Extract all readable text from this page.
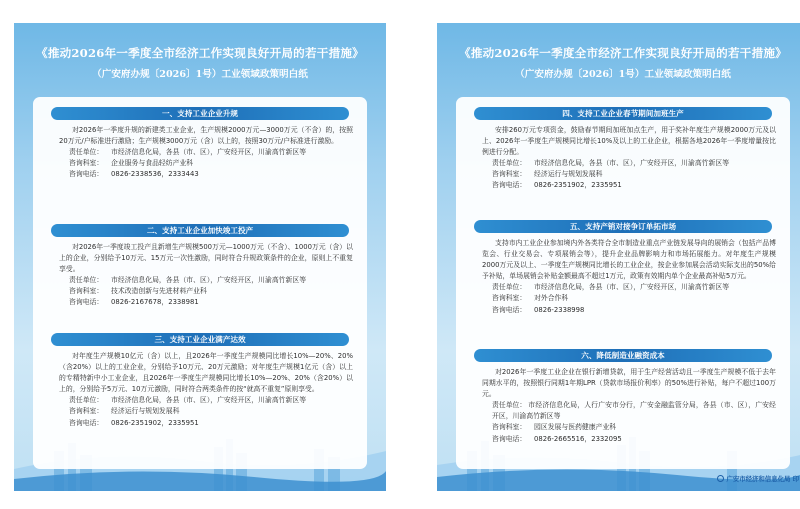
《推动2026年一季度全市经济工作实现良好开局的若干措施》
（广安府办规〔2026〕1号）工业领域政策明白纸
一、支持工业企业升规
对2026年一季度升规的新建类工业企业，生产规模2000万元—3000万元（不含）的，按照20万元/户标准进行激励；生产规模3000万元（含）以上的，按照30万元/户标准进行激励。
责任单位： 市经济信息化局，各县（市、区），广安经开区，川渝高竹新区等
咨询科室： 企业服务与食品轻纺产业科
咨询电话： 0826-2338536，2333443
二、支持工业企业加快竣工投产
对2026年一季度竣工投产且新增生产规模500万元—1000万元（不含）、1000万元（含）以上的企业，分别给予10万元、15万元一次性激励，同时符合升规政策条件的企业，原则上不重复享受。
责任单位： 市经济信息化局，各县（市、区），广安经开区，川渝高竹新区等
咨询科室： 技术改造创新与先进材料产业科
咨询电话： 0826-2167678，2338981
三、支持工业企业满产达效
对年度生产规模10亿元（含）以上，且2026年一季度生产规模同比增长10%—20%、20%（含20%）以上的工业企业，分别给予10万元、20万元激励；对年度生产规模1亿元（含）以上的专精特新中小工业企业，且2026年一季度生产规模同比增长10%—20%、20%（含20%）以上的，分别给予5万元、10万元激励，同时符合两类条件的按“就高不重复”原则享受。
责任单位： 市经济信息化局，各县（市、区），广安经开区，川渝高竹新区等
咨询科室： 经济运行与规划发展科
咨询电话： 0826-2351902，2335951
《推动2026年一季度全市经济工作实现良好开局的若干措施》
（广安府办规〔2026〕1号）工业领域政策明白纸
四、支持工业企业春节期间加班生产
安排260万元专项资金，鼓励春节期间加班加点生产，用于奖补年度生产规模2000万元及以上、2026年一季度生产规模同比增长10%及以上的工业企业，根据各地2026年一季度增量按比例进行分配。
责任单位： 市经济信息化局，各县（市、区），广安经开区，川渝高竹新区等
咨询科室： 经济运行与规划发展科
咨询电话： 0826-2351902，2335951
五、支持产销对接争订单拓市场
支持市内工业企业参加境内外各类符合全市制造业重点产业链发展导向的展销会（包括产品博览会、行业交易会、专项展销会等），提升企业品牌影响力和市场拓展能力。对年度生产规模2000万元及以上、一季度生产规模同比增长的工业企业，按企业参加展会活动实际支出的50%给予补贴，单场展销会补贴金额最高不超过1万元，政策有效期内单个企业最高补贴5万元。
责任单位： 市经济信息化局，各县（市、区），广安经开区，川渝高竹新区等
咨询科室： 对外合作科
咨询电话： 0826-2338998
六、降低制造业融资成本
对2026年一季度工业企业在银行新增贷款，用于生产经营活动且一季度生产规模不低于去年同期水平的，按照银行同期1年期LPR（贷款市场报价利率）的50%进行补贴，每户不超过100万元。
责任单位： 市经济信息化局，人行广安市分行，广安金融监管分局，各县（市、区），广安经开区，川渝高竹新区等
咨询科室： 园区发展与医药健康产业科
咨询电话： 0826-2665516，2332095
广安市经济和信息化局 印
